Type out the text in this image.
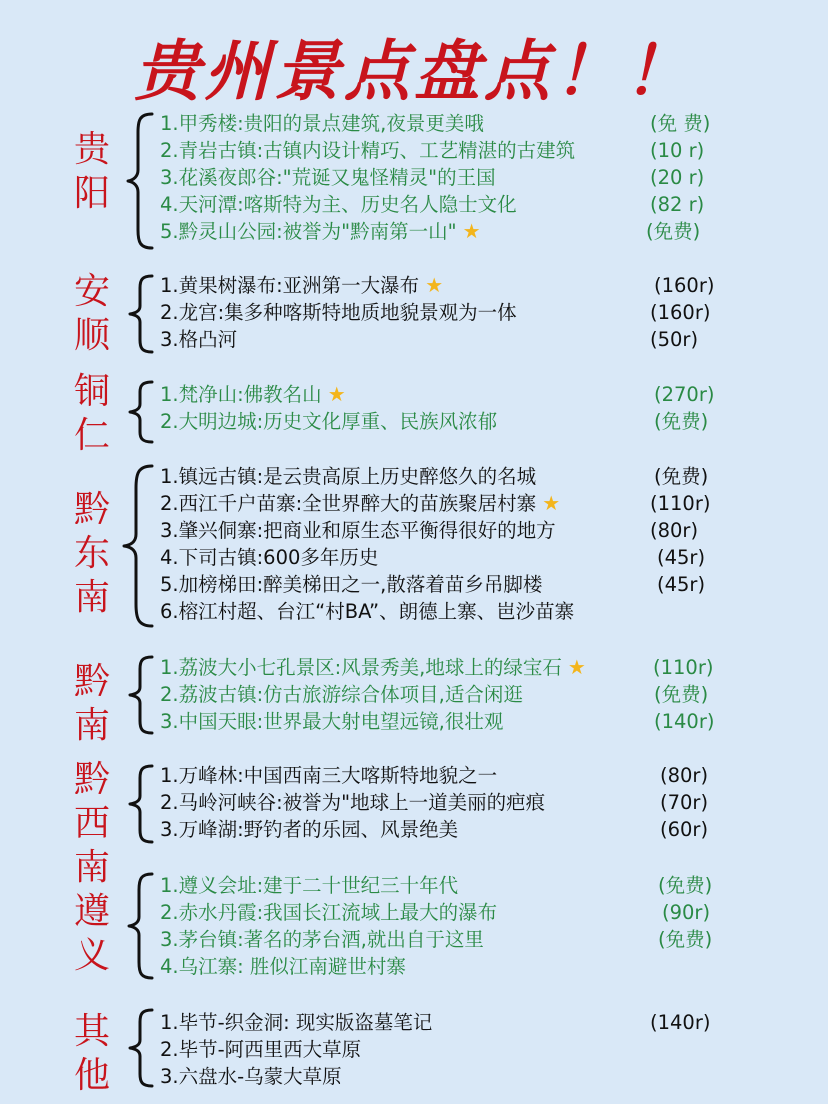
贵州景点盘点！！
贵
阳
1.甲秀楼:贵阳的景点建筑,夜景更美哦	(免 费)
2.青岩古镇:古镇内设计精巧、工艺精湛的古建筑	(10 r)
3.花溪夜郎谷:"荒诞又鬼怪精灵"的王国	(20 r)
4.天河潭:喀斯特为主、历史名人隐士文化	(82 r)
5.黔灵山公园:被誉为"黔南第一山" ★	(免费)
安
顺
1.黄果树瀑布:亚洲第一大瀑布 ★	(160r)
2.龙宫:集多种喀斯特地质地貌景观为一体	(160r)
3.格凸河	(50r)
铜
仁
1.梵净山:佛教名山 ★	(270r)
2.大明边城:历史文化厚重、民族风浓郁	(免费)
黔
东
南
1.镇远古镇:是云贵高原上历史醉悠久的名城	(免费)
2.西江千户苗寨:全世界醉大的苗族聚居村寨 ★	(110r)
3.肇兴侗寨:把商业和原生态平衡得很好的地方	(80r)
4.下司古镇:600多年历史	(45r)
5.加榜梯田:醉美梯田之一,散落着苗乡吊脚楼	(45r)
6.榕江村超、台江“村BA”、朗德上寨、岜沙苗寨
黔
南
1.荔波大小七孔景区:风景秀美,地球上的绿宝石 ★	(110r)
2.荔波古镇:仿古旅游综合体项目,适合闲逛	(免费)
3.中国天眼:世界最大射电望远镜,很壮观	(140r)
黔
西
南
1.万峰林:中国西南三大喀斯特地貌之一	(80r)
2.马岭河峡谷:被誉为"地球上一道美丽的疤痕	(70r)
3.万峰湖:野钓者的乐园、风景绝美	(60r)
遵
义
1.遵义会址:建于二十世纪三十年代	(免费)
2.赤水丹霞:我国长江流域上最大的瀑布	(90r)
3.茅台镇:著名的茅台酒,就出自于这里	(免费)
4.乌江寨: 胜似江南避世村寨
其
他
1.毕节-织金洞: 现实版盗墓笔记	(140r)
2.毕节-阿西里西大草原
3.六盘水-乌蒙大草原
